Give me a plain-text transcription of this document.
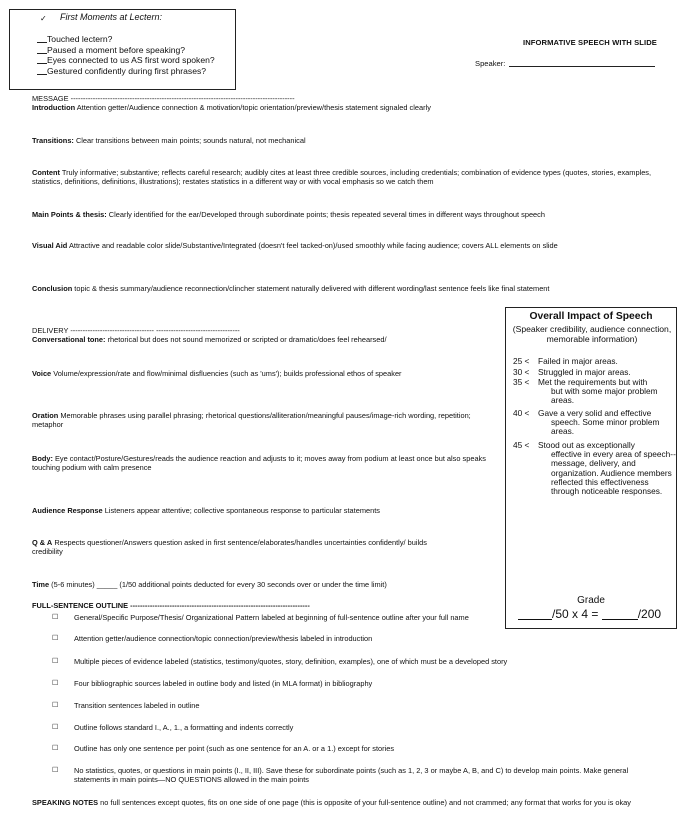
✓ First Moments at Lectern:
Touched lectern?
Paused a moment before speaking?
Eyes connected to us AS first word spoken?
Gestured confidently during first phrases?
INFORMATIVE SPEECH WITH SLIDE
Speaker:
MESSAGE -------------------------------------------------------------------------------------------
Introduction Attention getter/Audience connection & motivation/topic orientation/preview/thesis statement signaled clearly
Transitions: Clear transitions between main points; sounds natural, not mechanical
Content Truly informative; substantive; reflects careful research; audibly cites at least three credible sources, including credentials; combination of evidence types (quotes, stories, examples, statistics, definitions, definitions, illustrations); restates statistics in a different way or with vocal emphasis so we catch them
Main Points & thesis: Clearly identified for the ear/Developed through subordinate points; thesis repeated several times in different ways throughout speech
Visual Aid Attractive and readable color slide/Substantive/Integrated (doesn't feel tacked-on)/used smoothly while facing audience; covers ALL elements on slide
Conclusion topic & thesis summary/audience reconnection/clincher statement naturally delivered with different wording/last sentence feels like final statement
DELIVERY ---------------------------------- ----------------------------------
Conversational tone: rhetorical but does not sound memorized or scripted or dramatic/does feel rehearsed/
Voice Volume/expression/rate and flow/minimal disfluencies (such as 'ums'); builds professional ethos of speaker
Oration Memorable phrases using parallel phrasing; rhetorical questions/alliteration/meaningful pauses/image-rich wording, repetition; metaphor
Body: Eye contact/Posture/Gestures/reads the audience reaction and adjusts to it; moves away from podium at least once but also speaks touching podium with calm presence
Audience Response Listeners appear attentive; collective spontaneous response to particular statements
Q & A Respects questioner/Answers question asked in first sentence/elaborates/handles uncertainties confidently/ builds credibility
Time (5-6 minutes) _____ (1/50 additional points deducted for every 30 seconds over or under the time limit)
FULL-SENTENCE OUTLINE -------------------------------------------------------------------------
☐ General/Specific Purpose/Thesis/ Organizational Pattern labeled at beginning of full-sentence outline after your full name
☐ Attention getter/audience connection/topic connection/preview/thesis labeled in introduction
☐ Multiple pieces of evidence labeled (statistics, testimony/quotes, story, definition, examples), one of which must be a developed story
☐ Four bibliographic sources labeled in outline body and listed (in MLA format) in bibliography
☐ Transition sentences labeled in outline
☐ Outline follows standard I., A., 1., a formatting and indents correctly
☐ Outline has only one sentence per point (such as one sentence for an A. or a 1.) except for stories
☐ No statistics, quotes, or questions in main points (I., II, III). Save these for subordinate points (such as 1, 2, 3 or maybe A, B, and C) to develop main points. Make general statements in main points—NO QUESTIONS allowed in the main points
SPEAKING NOTES no full sentences except quotes, fits on one side of one page (this is opposite of your full-sentence outline) and not crammed; any format that works for you is okay
Overall Impact of Speech
(Speaker credibility, audience connection, memorable information)
25 < Failed in major areas.
30 < Struggled in major areas.
35 < Met the requirements but with
but with some major problem areas.
40 < Gave a very solid and effective
speech. Some minor problem areas.
45 < Stood out as exceptionally
effective in every area of speech--message, delivery, and organization. Audience members reflected this effectiveness through noticeable responses.
Grade
/50 x 4 =	/200
